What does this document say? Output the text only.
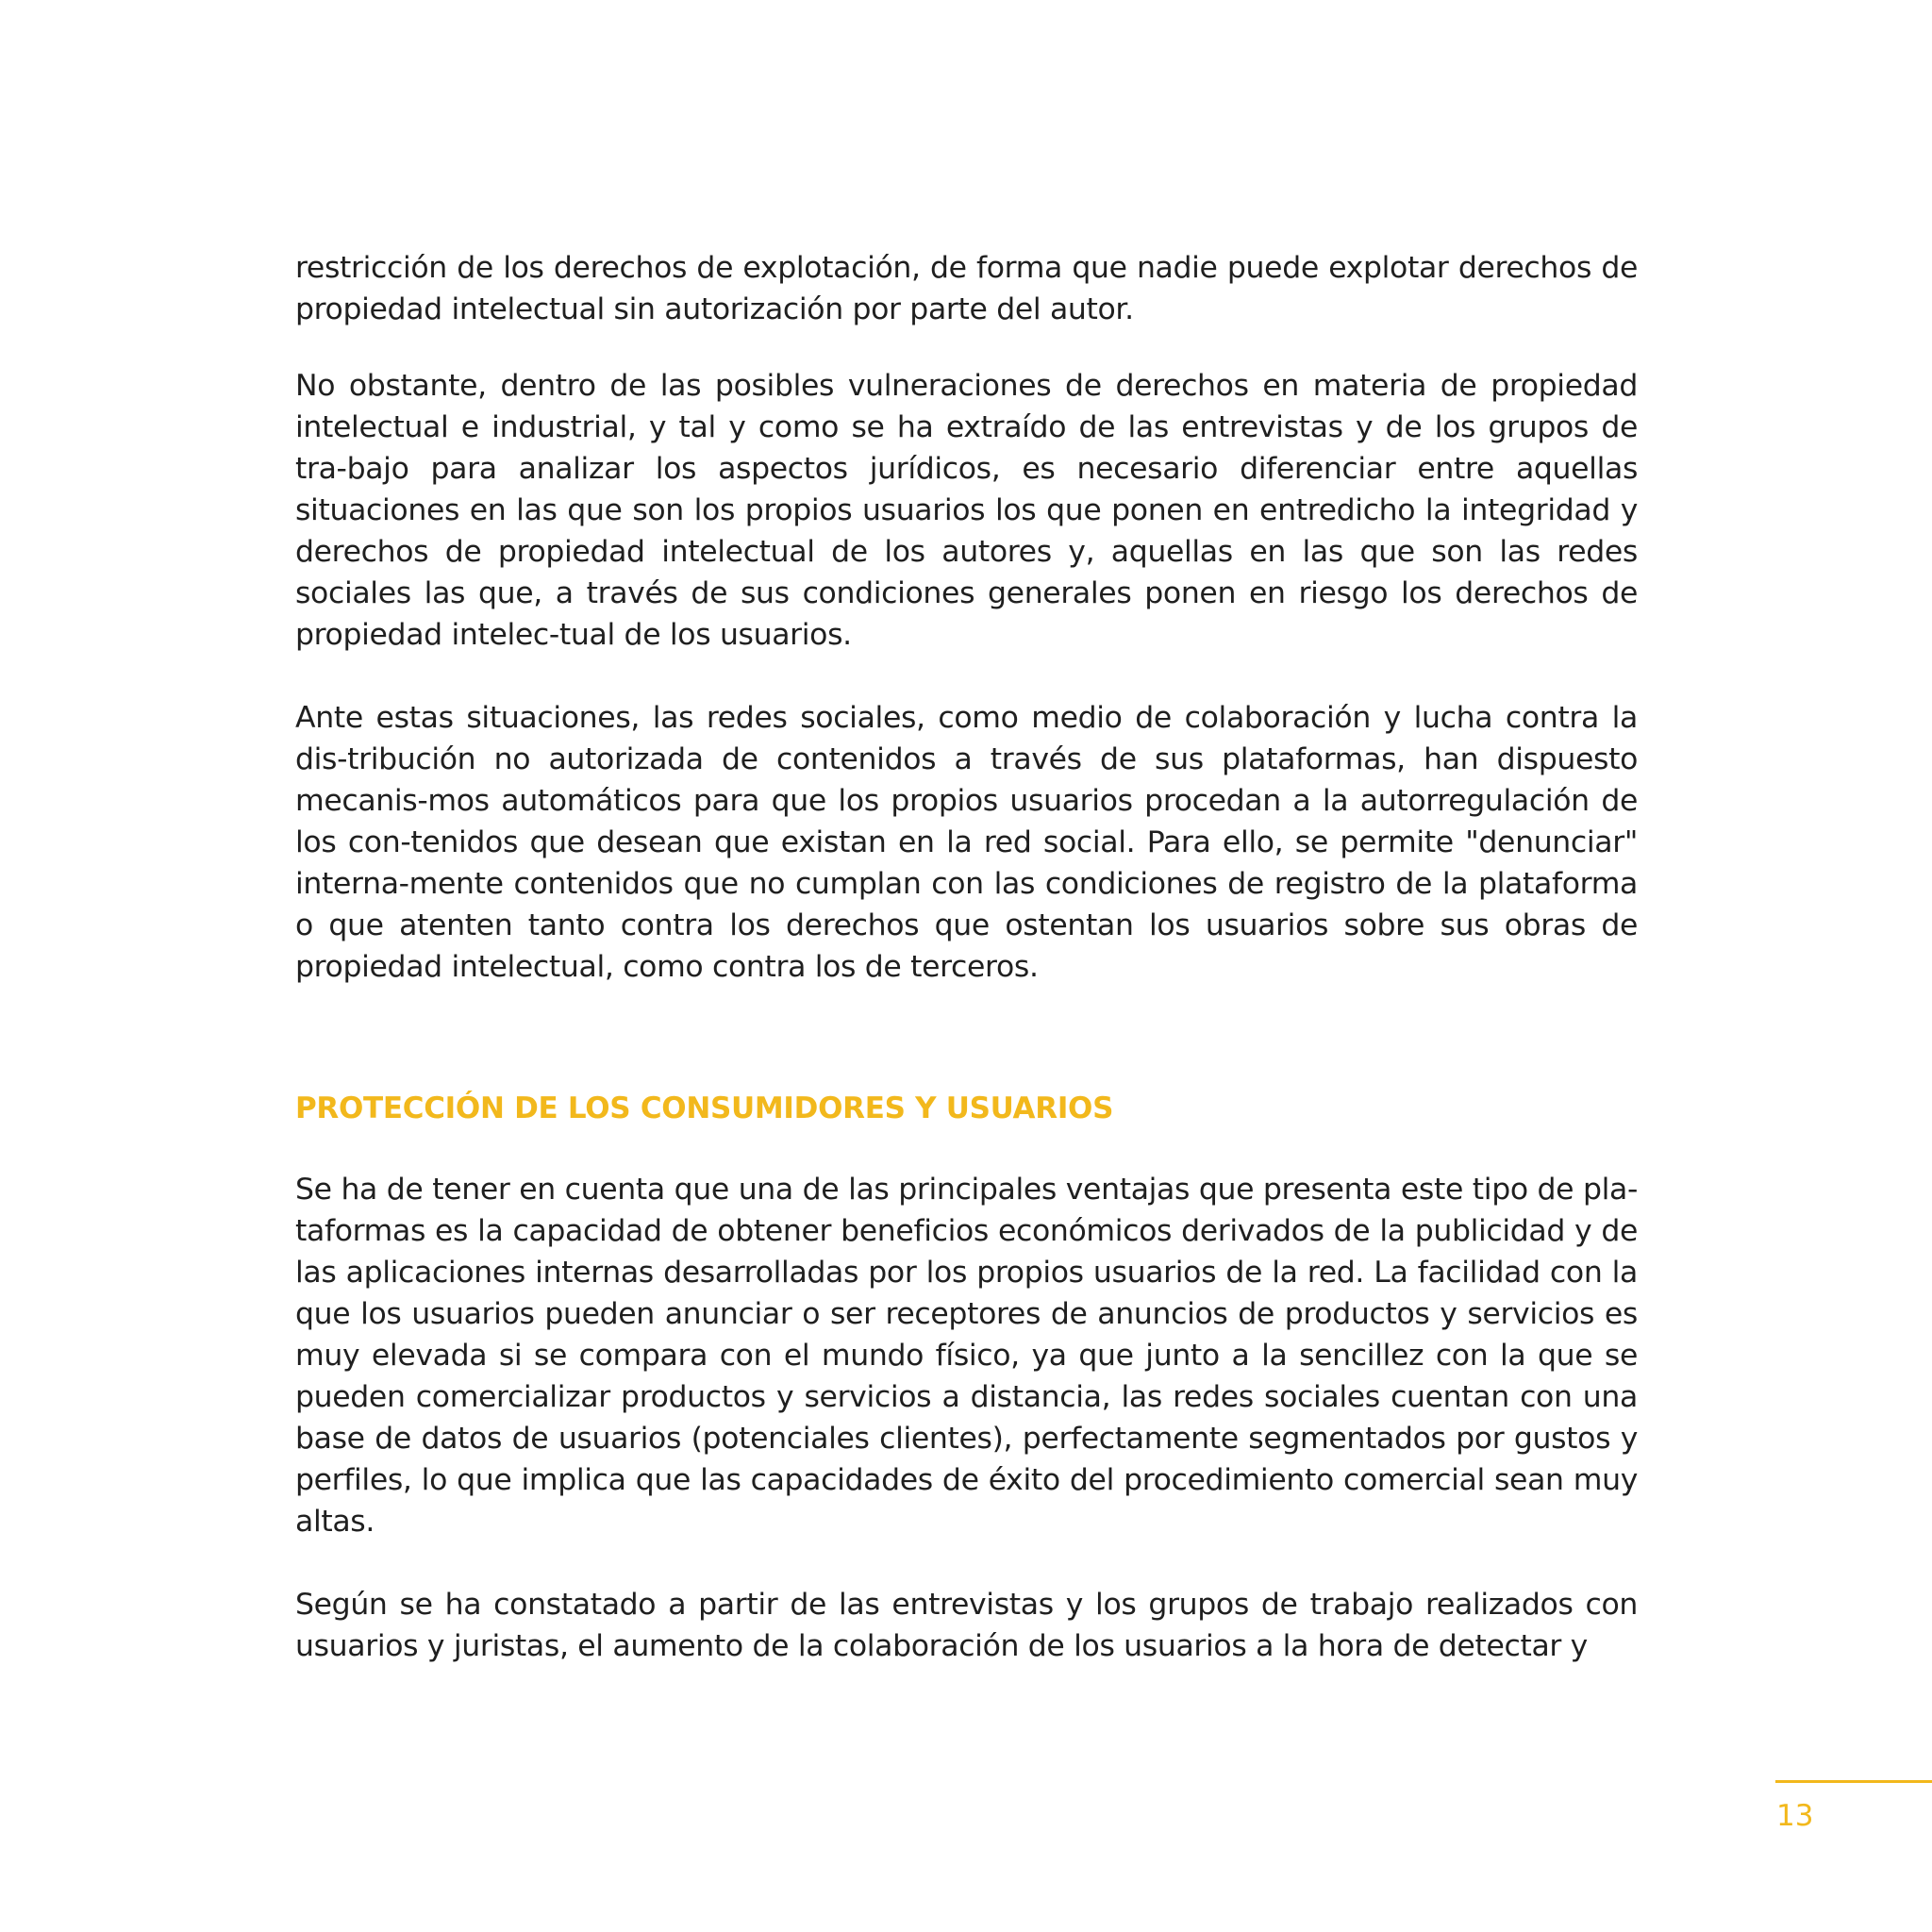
restricción de los derechos de explotación, de forma que nadie puede explotar derechos de propiedad intelectual sin autorización por parte del autor.

No obstante, dentro de las posibles vulneraciones de derechos en materia de propiedad intelectual e industrial, y tal y como se ha extraído de las entrevistas y de los grupos de tra-bajo para analizar los aspectos jurídicos, es necesario diferenciar entre aquellas situaciones en las que son los propios usuarios los que ponen en entredicho la integridad y derechos de propiedad intelectual de los autores y, aquellas en las que son las redes sociales las que, a través de sus condiciones generales ponen en riesgo los derechos de propiedad intelec-tual de los usuarios.

Ante estas situaciones, las redes sociales, como medio de colaboración y lucha contra la dis-tribución no autorizada de contenidos a través de sus plataformas, han dispuesto mecanis-mos automáticos para que los propios usuarios procedan a la autorregulación de los con-tenidos que desean que existan en la red social. Para ello, se permite "denunciar" interna-mente contenidos que no cumplan con las condiciones de registro de la plataforma o que atenten tanto contra los derechos que ostentan los usuarios sobre sus obras de propiedad intelectual, como contra los de terceros.

PROTECCIÓN DE LOS CONSUMIDORES Y USUARIOS

Se ha de tener en cuenta que una de las principales ventajas que presenta este tipo de pla-taformas es la capacidad de obtener beneficios económicos derivados de la publicidad y de las aplicaciones internas desarrolladas por los propios usuarios de la red. La facilidad con la que los usuarios pueden anunciar o ser receptores de anuncios de productos y servicios es muy elevada si se compara con el mundo físico, ya que junto a la sencillez con la que se pueden comercializar productos y servicios a distancia, las redes sociales cuentan con una base de datos de usuarios (potenciales clientes), perfectamente segmentados por gustos y perfiles, lo que implica que las capacidades de éxito del procedimiento comercial sean muy altas.

Según se ha constatado a partir de las entrevistas y los grupos de trabajo realizados con usuarios y juristas, el aumento de la colaboración de los usuarios a la hora de detectar y

13
